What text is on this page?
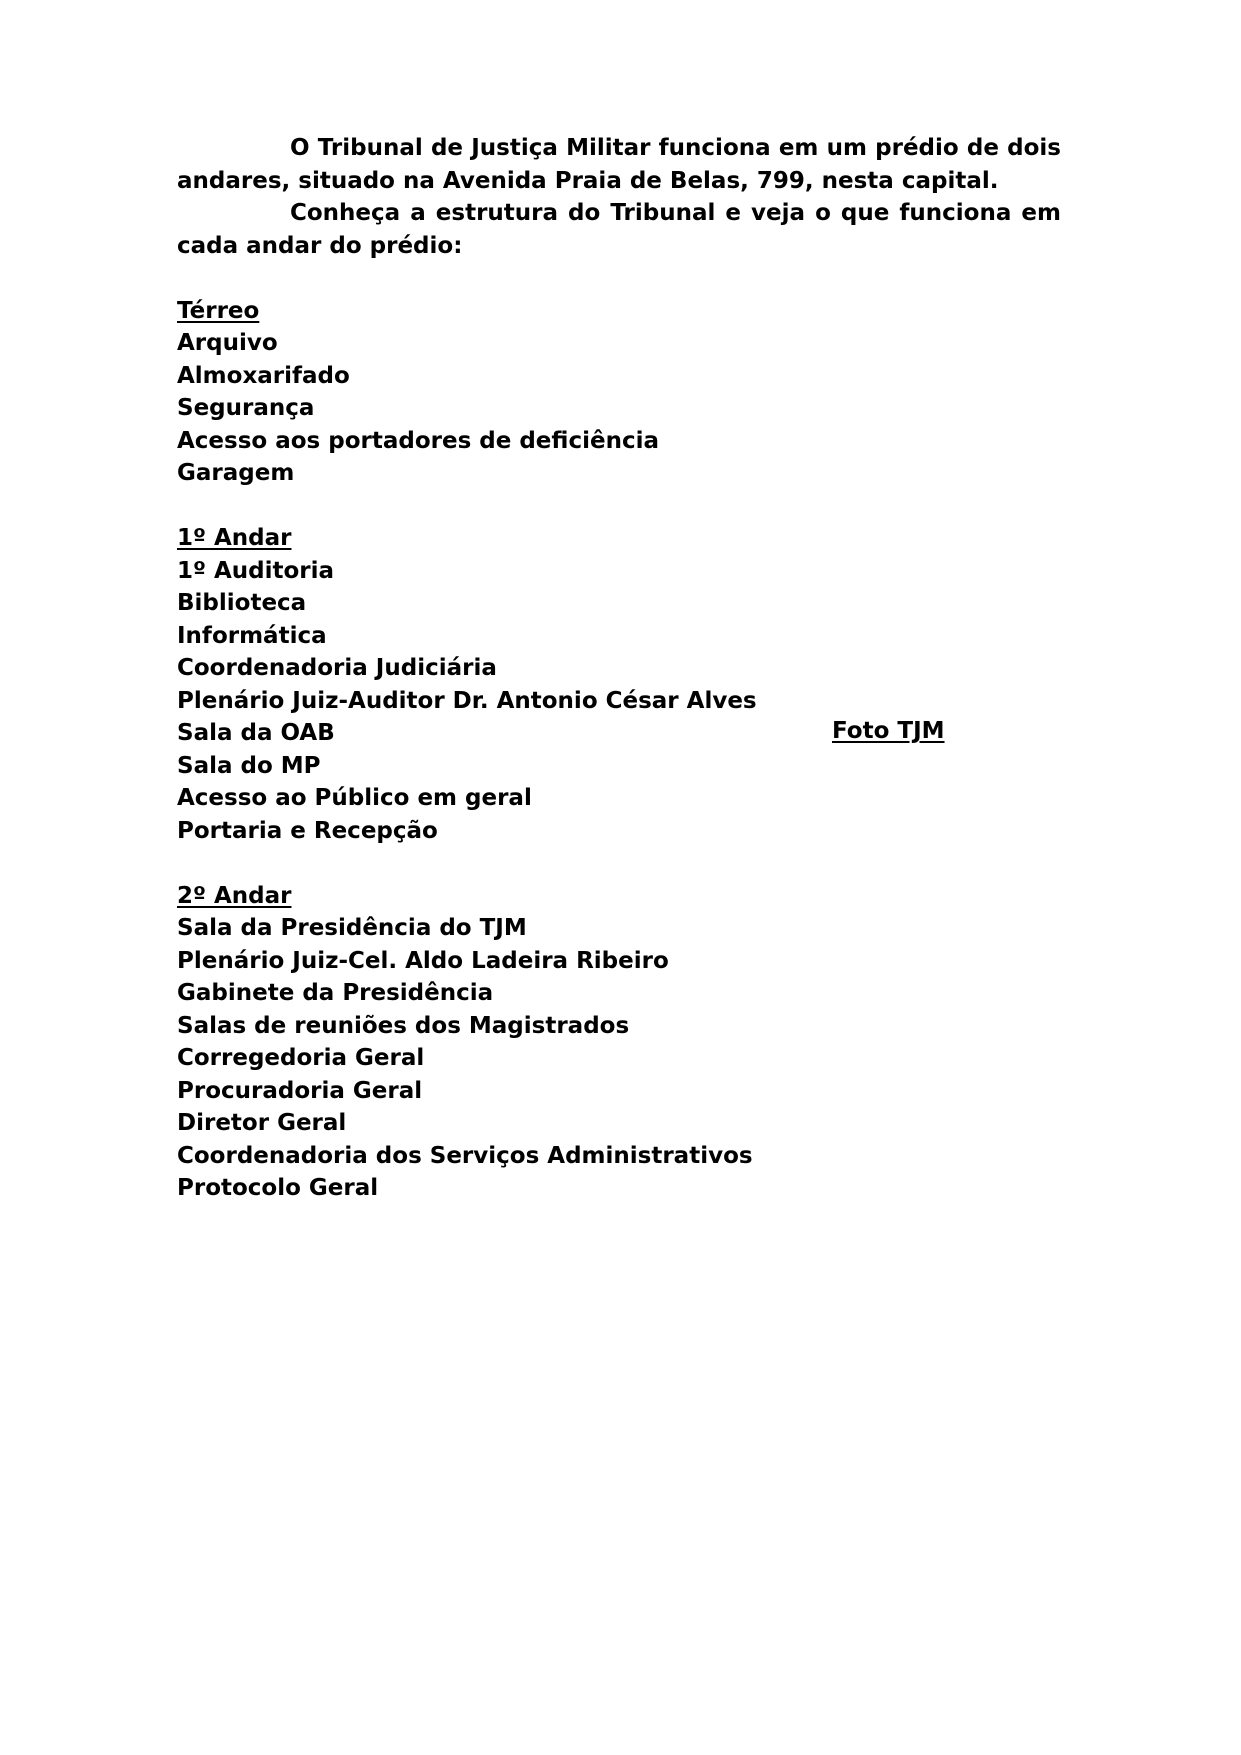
O Tribunal de Justiça Militar funciona em um prédio de dois andares, situado na Avenida Praia de Belas, 799, nesta capital.

Conheça a estrutura do Tribunal e veja o que funciona em cada andar do prédio:

Térreo
Arquivo
Almoxarifado
Segurança
Acesso aos portadores de deficiência
Garagem
1º Andar
1º Auditoria
Biblioteca
Informática
Coordenadoria Judiciária
Plenário Juiz-Auditor Dr. Antonio César Alves
Sala da OAB
Sala do MP
Acesso ao Público em geral
Portaria e Recepção
2º Andar
Sala da Presidência do TJM
Plenário Juiz-Cel. Aldo Ladeira Ribeiro
Gabinete da Presidência
Salas de reuniões dos Magistrados
Corregedoria Geral
Procuradoria Geral
Diretor Geral
Coordenadoria dos Serviços Administrativos
Protocolo Geral
Foto TJM
